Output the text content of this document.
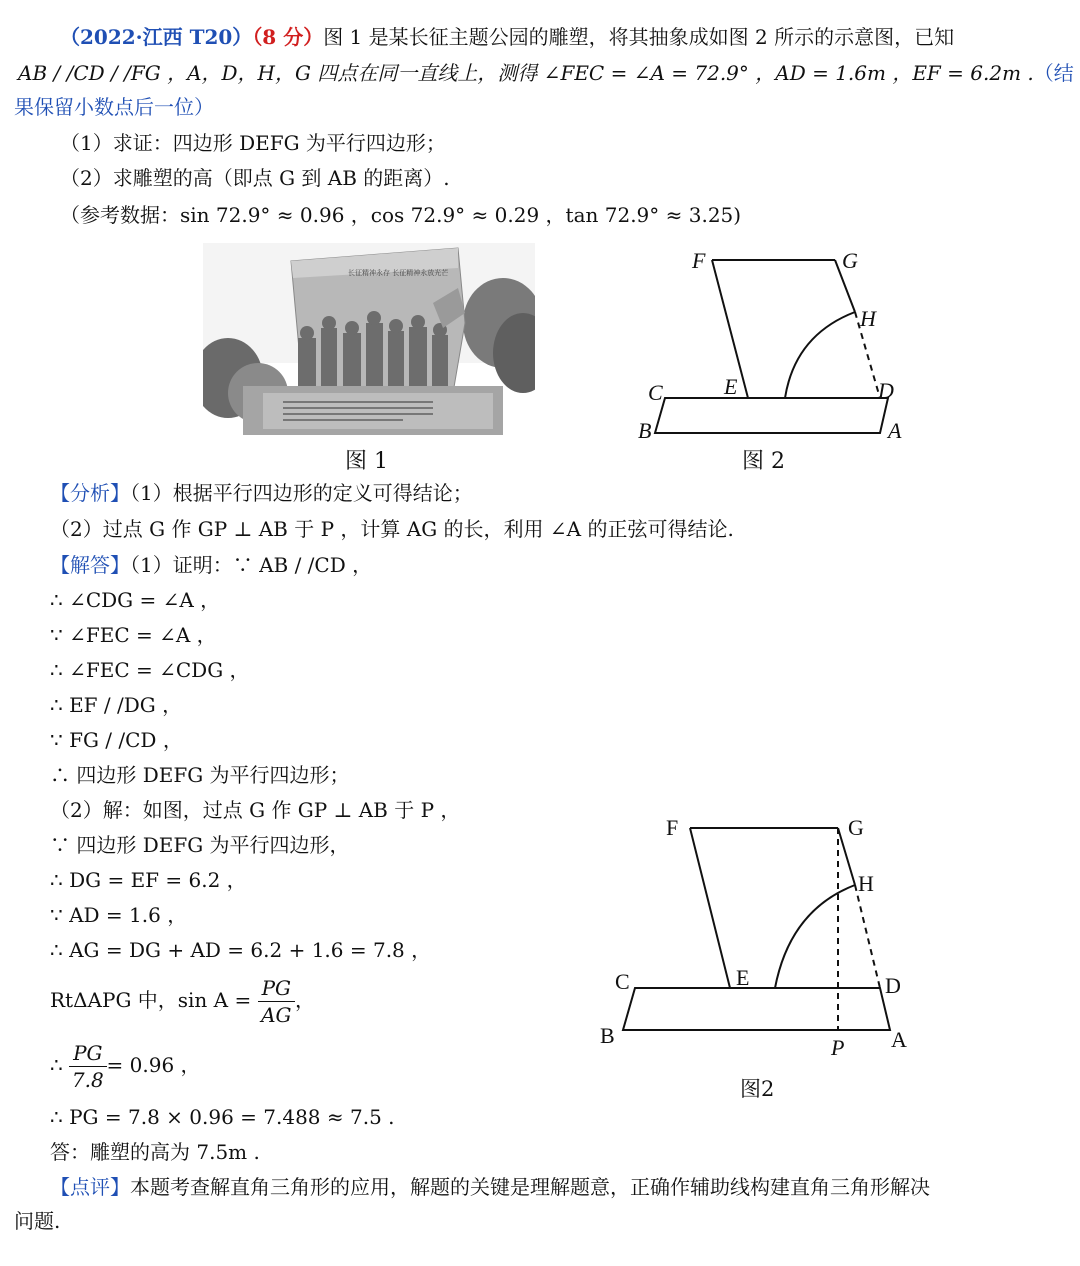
（2022·江西 T20）（8 分）图 1 是某长征主题公园的雕塑，将其抽象成如图 2 所示的示意图，已知
AB / /CD / /FG ，A，D，H，G 四点在同一直线上，测得 ∠FEC = ∠A = 72.9° ，AD = 1.6m ，EF = 6.2m .（结
果保留小数点后一位）
（1）求证：四边形 DEFG 为平行四边形；
（2）求雕塑的高（即点 G 到 AB 的距离）.
（参考数据：sin 72.9° ≈ 0.96 ，cos 72.9° ≈ 0.29 ，tan 72.9° ≈ 3.25)
长征精神永存 长征精神永放光芒
图 1
F	G
H
C	E	D
B	A
图 2
【分析】（1）根据平行四边形的定义可得结论；
（2）过点 G 作 GP ⊥ AB 于 P ，计算 AG 的长，利用 ∠A 的正弦可得结论.
【解答】（1）证明：∵ AB / /CD ，
∴ ∠CDG = ∠A ，
∵ ∠FEC = ∠A ，
∴ ∠FEC = ∠CDG ，
∴ EF / /DG ，
∵ FG / /CD ，
∴ 四边形 DEFG 为平行四边形；
（2）解：如图，过点 G 作 GP ⊥ AB 于 P ，
∵ 四边形 DEFG 为平行四边形，
∴ DG = EF = 6.2 ，
∵ AD = 1.6 ，
∴ AG = DG + AD = 6.2 + 1.6 = 7.8 ，
RtΔAPG 中，$\sin A = \frac{PG}{AG}$ ，
∴ $\frac{PG}{7.8} = 0.96$ ，
∴ PG = 7.8 × 0.96 = 7.488 ≈ 7.5 .
答：雕塑的高为 7.5m .
【点评】本题考查解直角三角形的应用，解题的关键是理解题意，正确作辅助线构建直角三角形解决
问题.
F	G
H
C	E	D
B	A
P
图2
